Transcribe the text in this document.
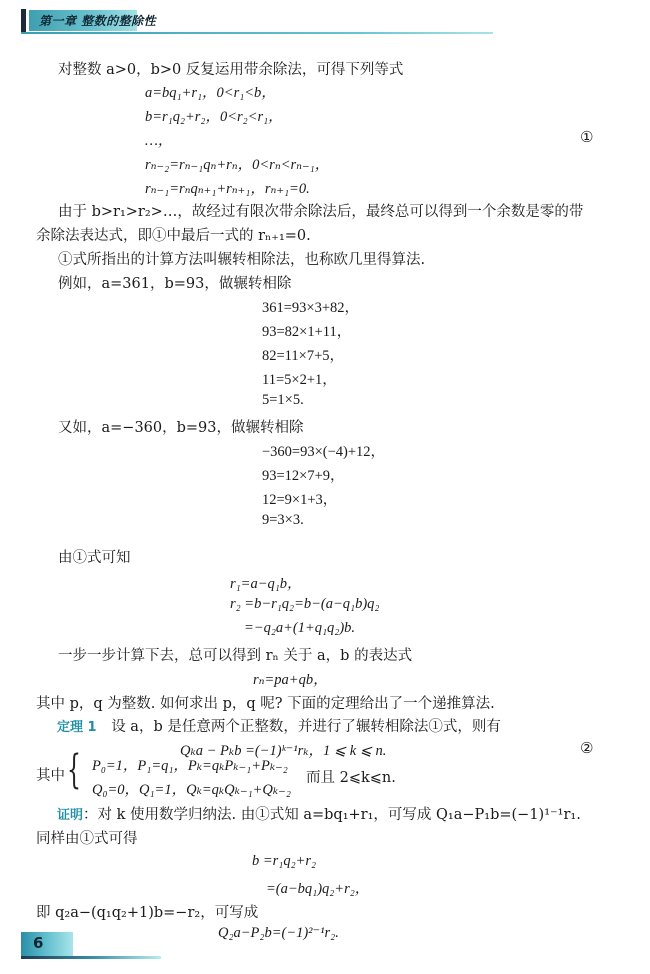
第一章 整数的整除性
对整数 a>0，b>0 反复运用带余除法，可得下列等式
a=bq₁+r₁，0<r₁<b，
b=r₁q₂+r₂，0<r₂<r₁，
…，
rₙ₋₂=rₙ₋₁qₙ+rₙ，0<rₙ<rₙ₋₁，
rₙ₋₁=rₙqₙ₊₁+rₙ₊₁，rₙ₊₁=0.
①
由于 b>r₁>r₂>…，故经过有限次带余除法后，最终总可以得到一个余数是零的带
余除法表达式，即①中最后一式的 rₙ₊₁=0.
①式所指出的计算方法叫辗转相除法，也称欧几里得算法.
例如，a=361，b=93，做辗转相除
361=93×3+82，
93=82×1+11，
82=11×7+5，
11=5×2+1，
5=1×5.
又如，a=−360，b=93，做辗转相除
−360=93×(−4)+12，
93=12×7+9，
12=9×1+3，
9=3×3.
由①式可知
r₁=a−q₁b，
r₂ =b−r₁q₂=b−(a−q₁b)q₂
=−q₂a+(1+q₁q₂)b.
一步一步计算下去，总可以得到 rₙ 关于 a，b 的表达式
rₙ=pa+qb，
其中 p，q 为整数. 如何求出 p，q 呢? 下面的定理给出了一个递推算法.
定理 1 设 a，b 是任意两个正整数，并进行了辗转相除法①式，则有
Qₖa − Pₖb =(−1)ᵏ⁻¹rₖ，1 ⩽ k ⩽ n.	②
其中 { P₀=1，P₁=q₁，Pₖ=qₖPₖ₋₁+Pₖ₋₂
Q₀=0，Q₁=1，Qₖ=qₖQₖ₋₁+Qₖ₋₂
而且 2⩽k⩽n.
证明：对 k 使用数学归纳法. 由①式知 a=bq₁+r₁，可写成 Q₁a−P₁b=(−1)¹⁻¹r₁.
同样由①式可得
b =r₁q₂+r₂
=(a−bq₁)q₂+r₂，
即 q₂a−(q₁q₂+1)b=−r₂，可写成
Q₂a−P₂b=(−1)²⁻¹r₂.
6
